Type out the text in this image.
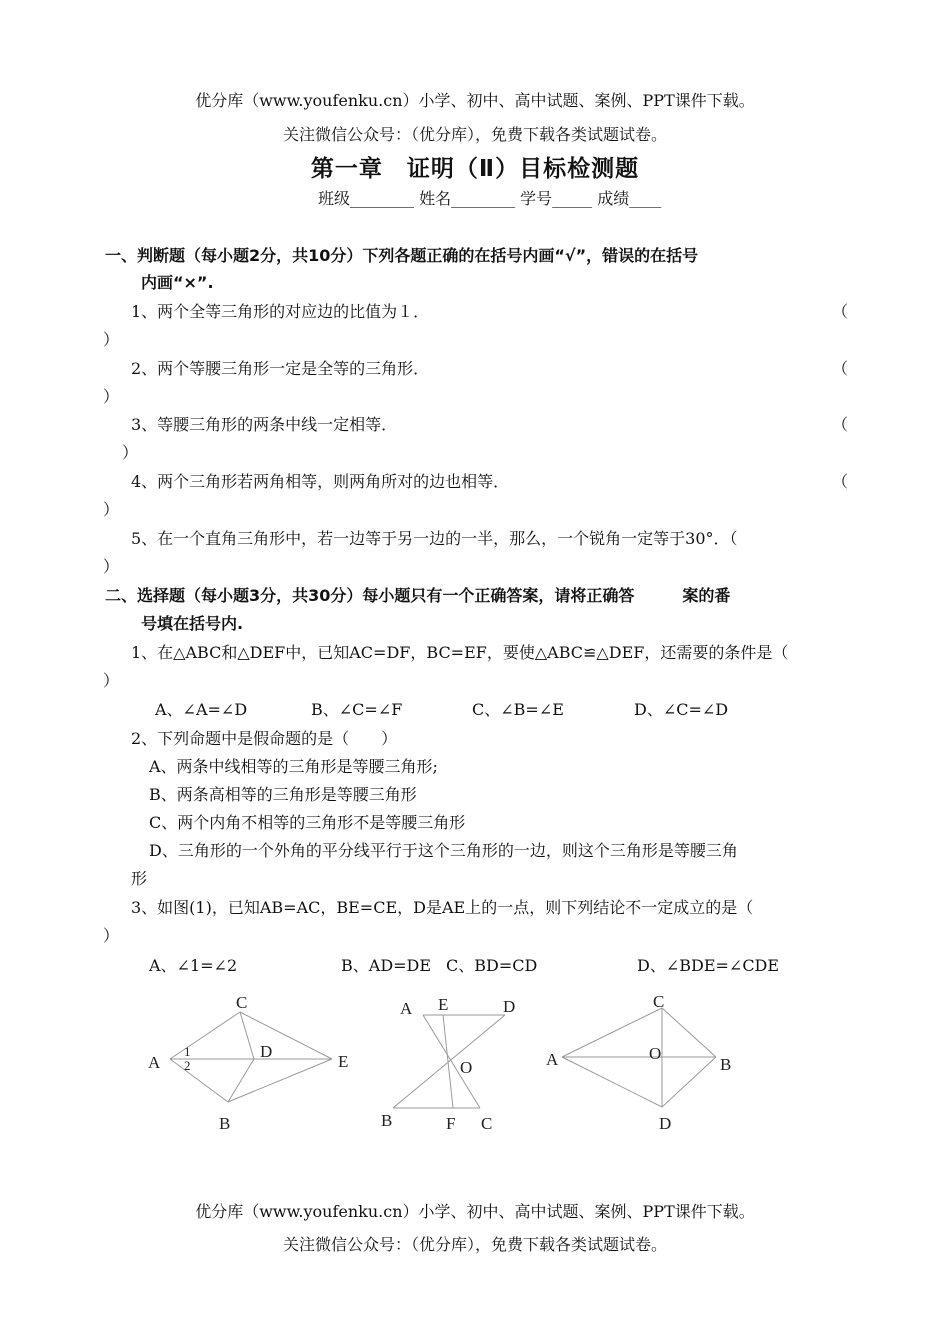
优分库（www.youfenku.cn）小学、初中、高中试题、案例、PPT课件下载。
关注微信公众号：（优分库），免费下载各类试题试卷。
第一章　证明（Ⅱ）目标检测题
班级________ 姓名________ 学号_____ 成绩____
一、判断题（每小题2分，共10分）下列各题正确的在括号内画“√”，错误的在括号
内画“×”.
1、两个全等三角形的对应边的比值为１．	（
）
2、两个等腰三角形一定是全等的三角形．	（
）
3、等腰三角形的两条中线一定相等．	（
）
4、两个三角形若两角相等，则两角所对的边也相等．	（
）
5、在一个直角三角形中，若一边等于另一边的一半，那么，一个锐角一定等于30°．（
）
二、选择题（每小题3分，共30分）每小题只有一个正确答案，请将正确答　　　案的番
号填在括号内.
1、在△ABC和△DEF中，已知AC=DF，BC=EF，要使△ABC≌△DEF，还需要的条件是（
）
A、∠A=∠D	B、∠C=∠F	C、∠B=∠E	D、∠C=∠D
2、下列命题中是假命题的是（　　）
A、两条中线相等的三角形是等腰三角形;
B、两条高相等的三角形是等腰三角形
C、两个内角不相等的三角形不是等腰三角形
D、三角形的一个外角的平分线平行于这个三角形的一边，则这个三角形是等腰三角
形
3、如图(1)，已知AB=AC，BE=CE，D是AE上的一点，则下列结论不一定成立的是（
）
A、∠1=∠2	B、AD=DE C、BD=CD	D、∠BDE=∠CDE
A
C
D
E
B
1
2
A E	D
O
B	F C
C
A	O
B
D
优分库（www.youfenku.cn）小学、初中、高中试题、案例、PPT课件下载。
关注微信公众号：（优分库），免费下载各类试题试卷。
